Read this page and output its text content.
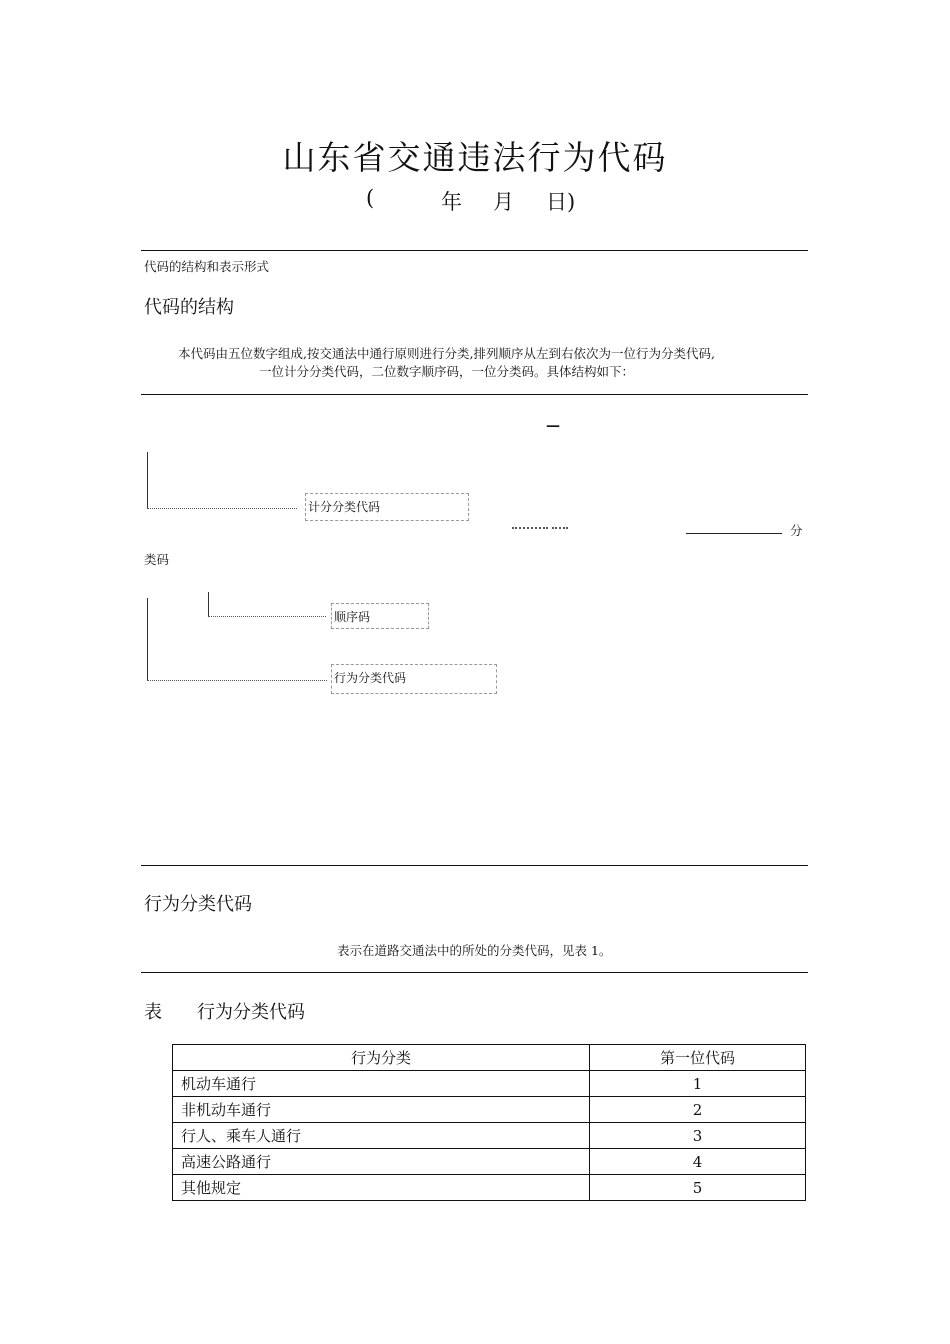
山东省交通违法行为代码
(	年 月 日)
代码的结构和表示形式
代码的结构
本代码由五位数字组成,按交通法中通行原则进行分类,排列顺序从左到右依次为一位行为分类代码,
一位计分分类代码，二位数字顺序码，一位分类码。具体结构如下：
—
计分分类代码
分
类码
顺序码
行为分类代码
行为分类代码
表示在道路交通法中的所处的分类代码，见表 1。
表 行为分类代码
行为分类	第一位代码
机动车通行	1
非机动车通行	2
行人、乘车人通行	3
高速公路通行	4
其他规定	5
